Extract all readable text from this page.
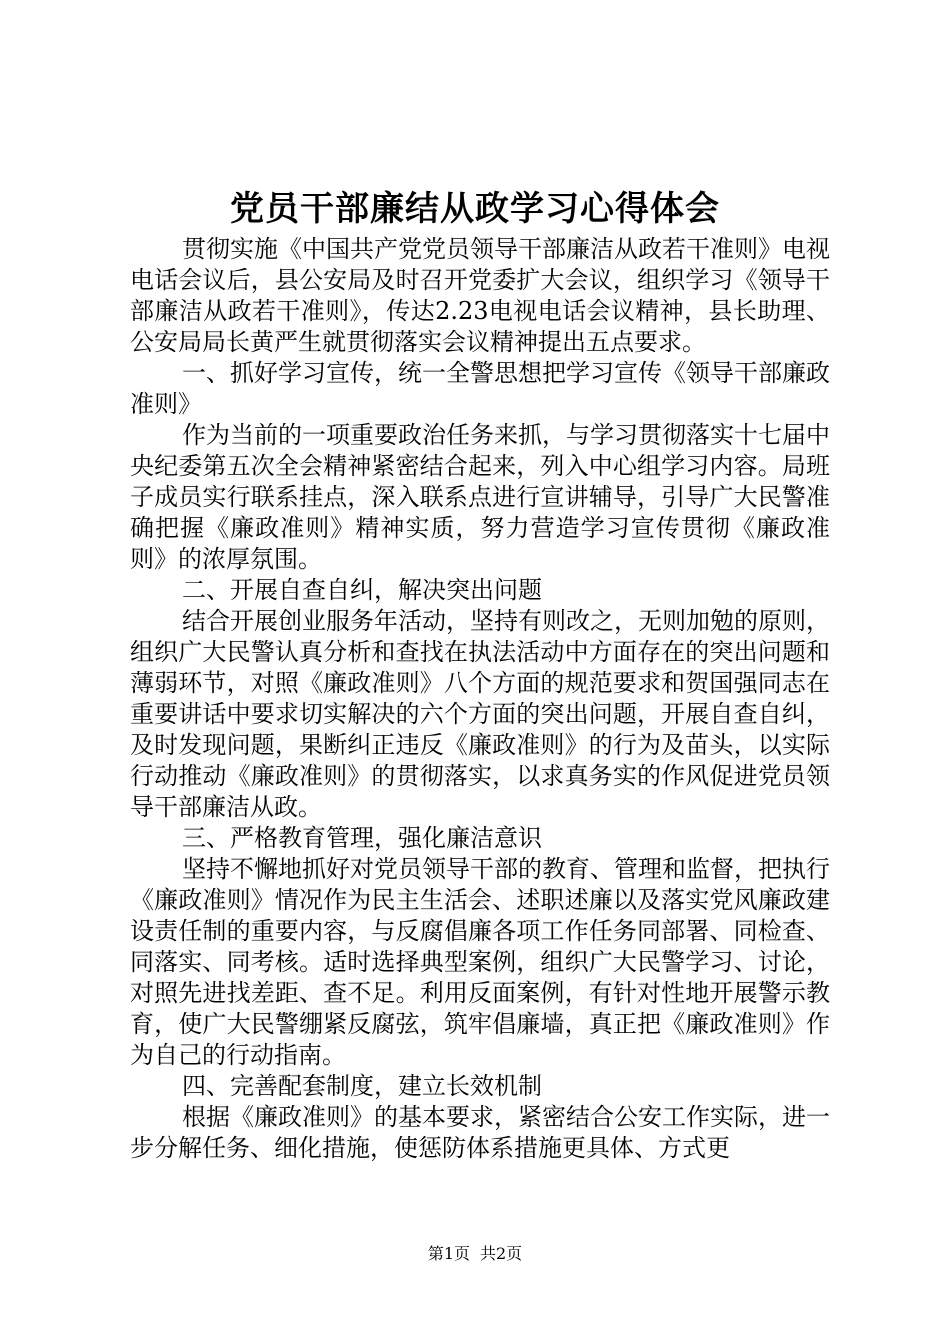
党员干部廉结从政学习心得体会

贯彻实施《中国共产党党员领导干部廉洁从政若干准则》电视电话会议后，县公安局及时召开党委扩大会议，组织学习《领导干部廉洁从政若干准则》，传达2.23电视电话会议精神，县长助理、公安局局长黄严生就贯彻落实会议精神提出五点要求。

一、抓好学习宣传，统一全警思想把学习宣传《领导干部廉政准则》

作为当前的一项重要政治任务来抓，与学习贯彻落实十七届中央纪委第五次全会精神紧密结合起来，列入中心组学习内容。局班子成员实行联系挂点，深入联系点进行宣讲辅导，引导广大民警准确把握《廉政准则》精神实质，努力营造学习宣传贯彻《廉政准则》的浓厚氛围。

二、开展自查自纠，解决突出问题

结合开展创业服务年活动，坚持有则改之，无则加勉的原则，组织广大民警认真分析和查找在执法活动中方面存在的突出问题和薄弱环节，对照《廉政准则》八个方面的规范要求和贺国强同志在重要讲话中要求切实解决的六个方面的突出问题，开展自查自纠，及时发现问题，果断纠正违反《廉政准则》的行为及苗头，以实际行动推动《廉政准则》的贯彻落实，以求真务实的作风促进党员领导干部廉洁从政。

三、严格教育管理，强化廉洁意识

坚持不懈地抓好对党员领导干部的教育、管理和监督，把执行《廉政准则》情况作为民主生活会、述职述廉以及落实党风廉政建设责任制的重要内容，与反腐倡廉各项工作任务同部署、同检查、同落实、同考核。适时选择典型案例，组织广大民警学习、讨论，对照先进找差距、查不足。利用反面案例，有针对性地开展警示教育，使广大民警绷紧反腐弦，筑牢倡廉墙，真正把《廉政准则》作为自己的行动指南。

四、完善配套制度，建立长效机制

根据《廉政准则》的基本要求，紧密结合公安工作实际，进一步分解任务、细化措施，使惩防体系措施更具体、方式更

第1页 共2页
